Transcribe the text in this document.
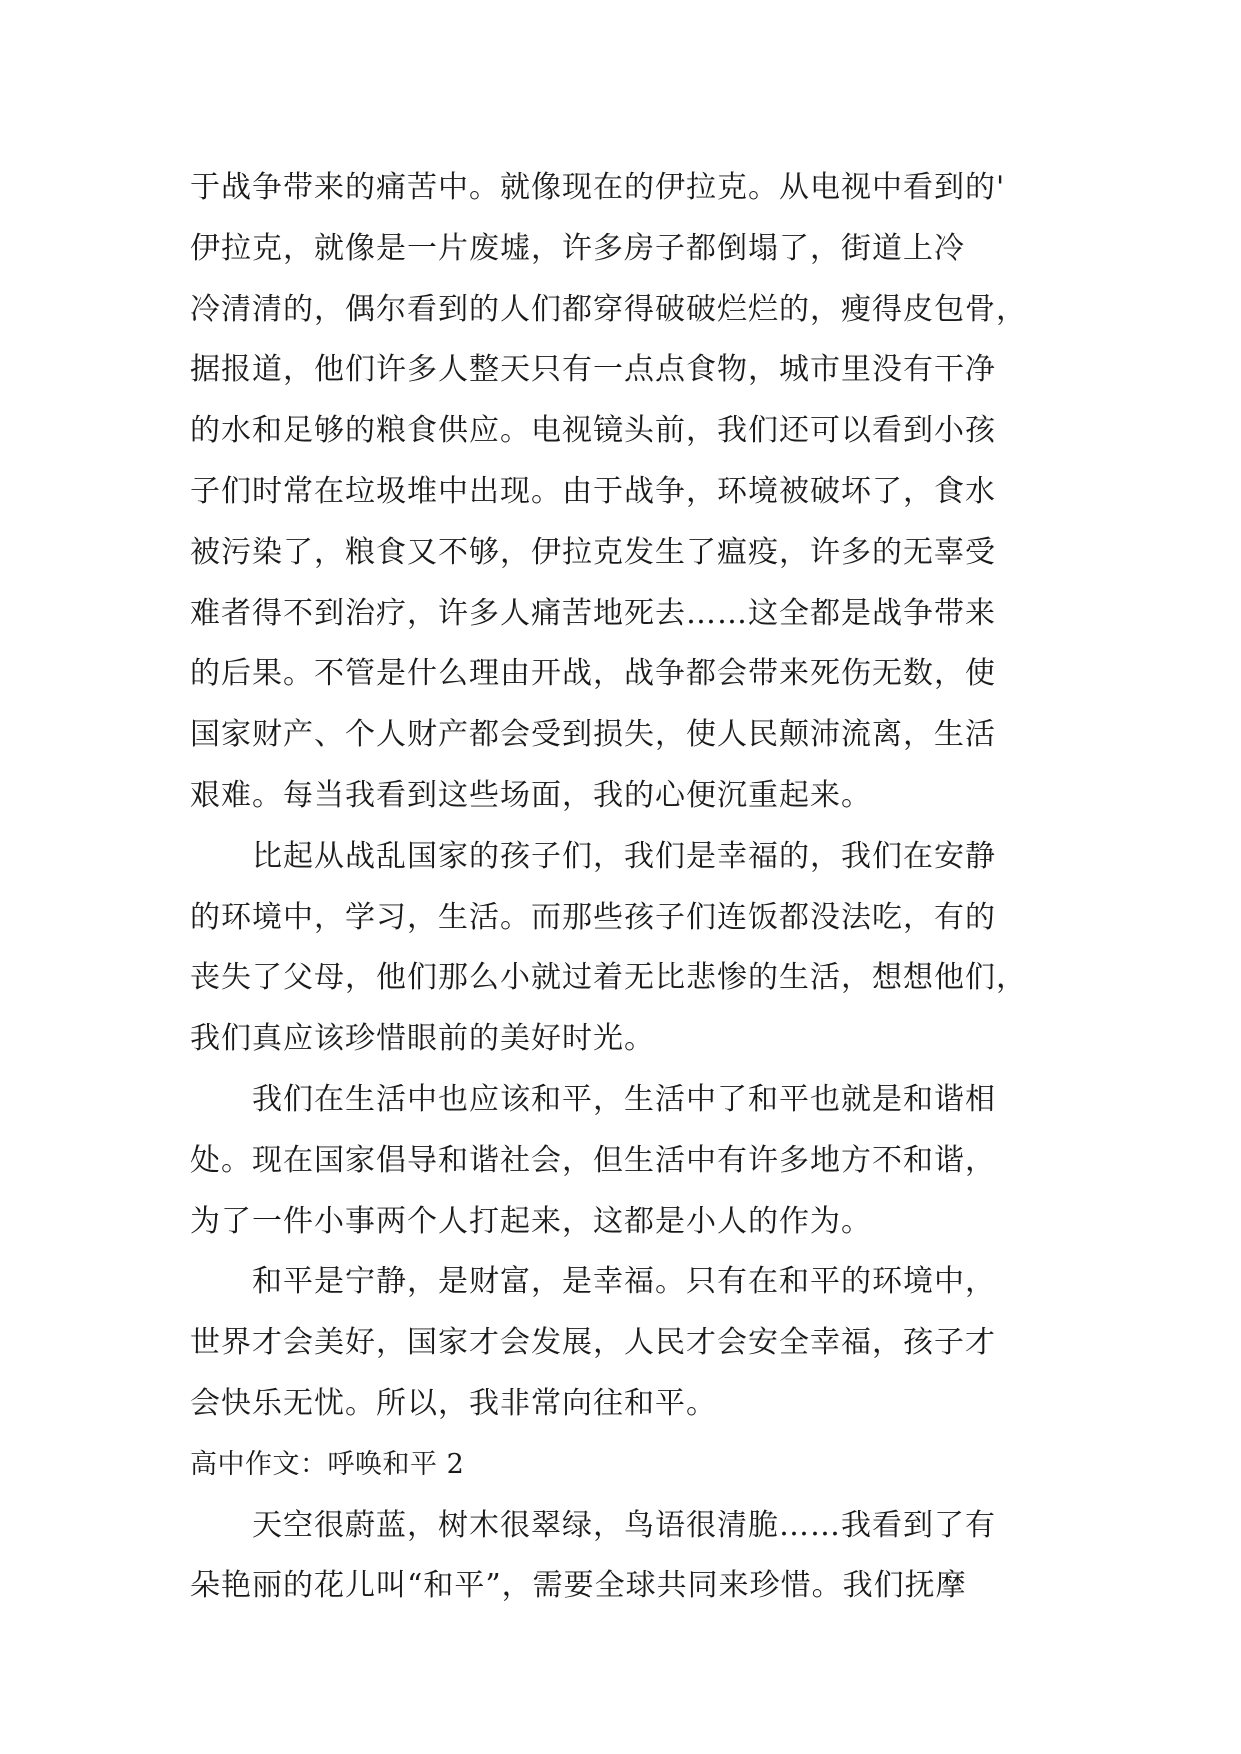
于战争带来的痛苦中。就像现在的伊拉克。从电视中看到的'
伊拉克，就像是一片废墟，许多房子都倒塌了，街道上冷
冷清清的，偶尔看到的人们都穿得破破烂烂的，瘦得皮包骨，
据报道，他们许多人整天只有一点点食物，城市里没有干净
的水和足够的粮食供应。电视镜头前，我们还可以看到小孩
子们时常在垃圾堆中出现。由于战争，环境被破坏了，食水
被污染了，粮食又不够，伊拉克发生了瘟疫，许多的无辜受
难者得不到治疗，许多人痛苦地死去……这全都是战争带来
的后果。不管是什么理由开战，战争都会带来死伤无数，使
国家财产、个人财产都会受到损失，使人民颠沛流离，生活
艰难。每当我看到这些场面，我的心便沉重起来。
　　比起从战乱国家的孩子们，我们是幸福的，我们在安静
的环境中，学习，生活。而那些孩子们连饭都没法吃，有的
丧失了父母，他们那么小就过着无比悲惨的生活，想想他们，
我们真应该珍惜眼前的美好时光。
　　我们在生活中也应该和平，生活中了和平也就是和谐相
处。现在国家倡导和谐社会，但生活中有许多地方不和谐，
为了一件小事两个人打起来，这都是小人的作为。
　　和平是宁静，是财富，是幸福。只有在和平的环境中，
世界才会美好，国家才会发展，人民才会安全幸福，孩子才
会快乐无忧。所以，我非常向往和平。
高中作文：呼唤和平 2
　　天空很蔚蓝，树木很翠绿，鸟语很清脆……我看到了有
朵艳丽的花儿叫“和平”，需要全球共同来珍惜。我们抚摩
